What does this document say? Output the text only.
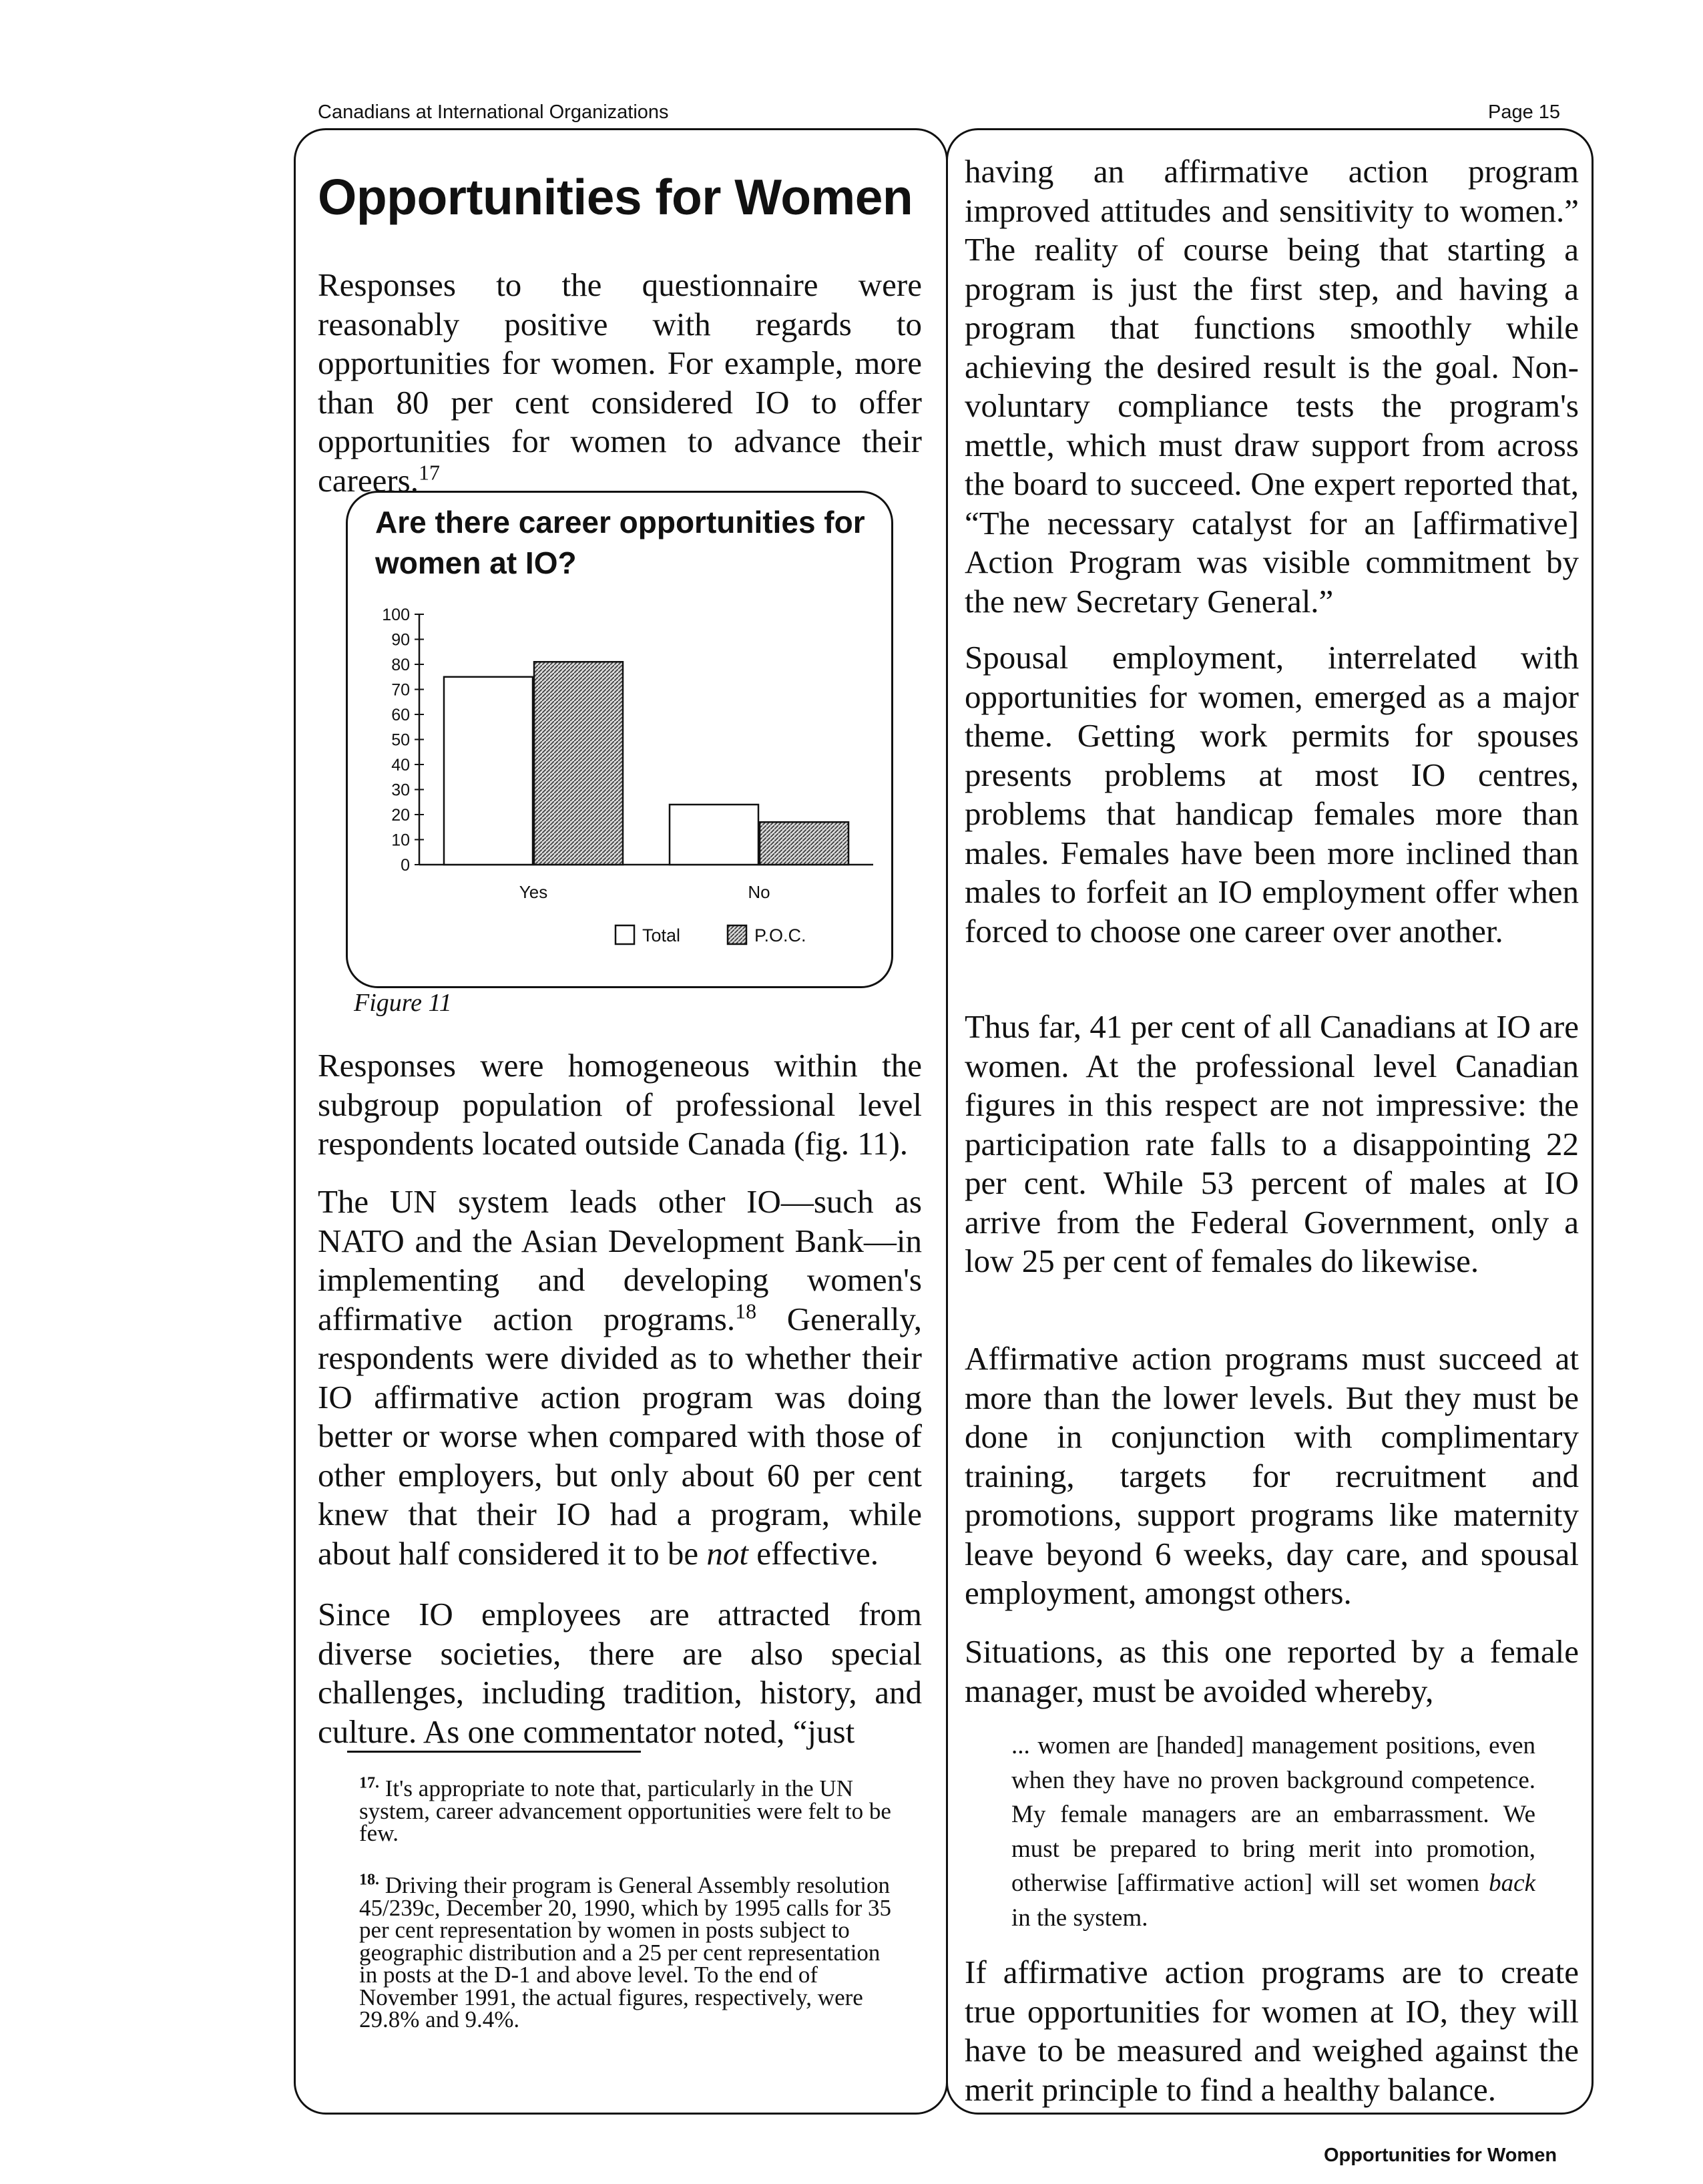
Canadians at International Organizations	Page 15
Opportunities for Women

Responses to the questionnaire were reasonably positive with regards to opportunities for women. For example, more than 80 per cent considered IO to offer opportunities for women to advance their careers.$^{17}$

Are there career opportunities for women at IO?

0
10
20
30
40
50
60
70
80
90
100
Yes	No
Total	P.O.C.
Figure 11

Responses were homogeneous within the subgroup population of professional level respondents located outside Canada (fig. 11).

The UN system leads other IO—such as NATO and the Asian Development Bank—in implementing and developing women's affirmative action programs.$^{18}$ Generally, respondents were divided as to whether their IO affirmative action program was doing better or worse when compared with those of other employers, but only about 60 per cent knew that their IO had a program, while about half considered it to be not effective.

Since IO employees are attracted from diverse societies, there are also special challenges, including tradition, history, and culture. As one commentator noted, “just

$^{17.}$ It's appropriate to note that, particularly in the UN system, career advancement opportunities were felt to be few.

$^{18.}$ Driving their program is General Assembly resolution 45/239c, December 20, 1990, which by 1995 calls for 35 per cent representation by women in posts subject to geographic distribution and a 25 per cent representation in posts at the D-1 and above level. To the end of November 1991, the actual figures, respectively, were 29.8% and 9.4%.

having an affirmative action program improved attitudes and sensitivity to women.” The reality of course being that starting a program is just the first step, and having a program that functions smoothly while achieving the desired result is the goal. Non-voluntary compliance tests the program's mettle, which must draw support from across the board to succeed. One expert reported that, “The necessary catalyst for an [affirmative] Action Program was visible commitment by the new Secretary General.”

Spousal employment, interrelated with opportunities for women, emerged as a major theme. Getting work permits for spouses presents problems at most IO centres, problems that handicap females more than males. Females have been more inclined than males to forfeit an IO employment offer when forced to choose one career over another.

Thus far, 41 per cent of all Canadians at IO are women. At the professional level Canadian figures in this respect are not impressive: the participation rate falls to a disappointing 22 per cent. While 53 percent of males at IO arrive from the Federal Government, only a low 25 per cent of females do likewise.

Affirmative action programs must succeed at more than the lower levels. But they must be done in conjunction with complimentary training, targets for recruitment and promotions, support programs like maternity leave beyond 6 weeks, day care, and spousal employment, amongst others.

Situations, as this one reported by a female manager, must be avoided whereby,

... women are [handed] management positions, even when they have no proven background competence. My female managers are an embarrassment. We must be prepared to bring merit into promotion, otherwise [affirmative action] will set women back in the system.

If affirmative action programs are to create true opportunities for women at IO, they will have to be measured and weighed against the merit principle to find a healthy balance.

Opportunities for Women
